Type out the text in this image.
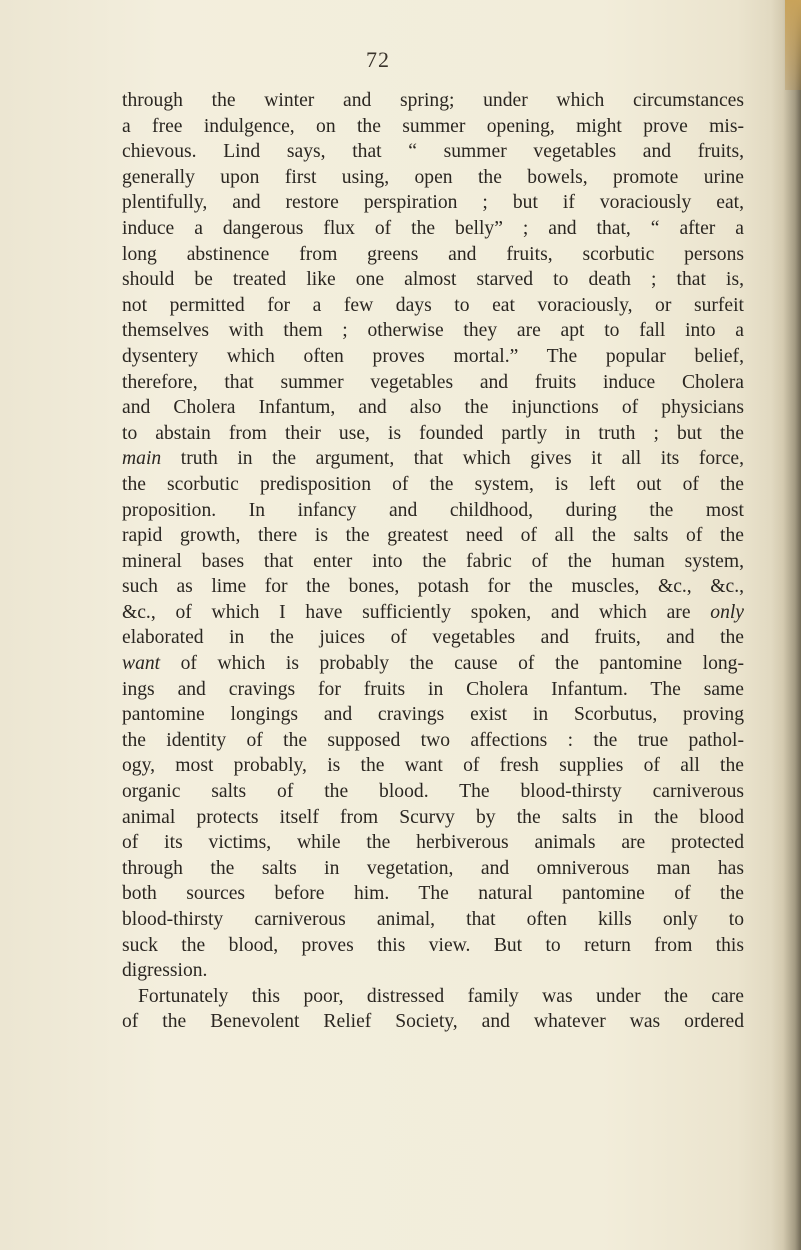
72
through the winter and spring; under which circumstances
a free indulgence, on the summer opening, might prove mis-
chievous. Lind says, that “ summer vegetables and fruits,
generally upon first using, open the bowels, promote urine
plentifully, and restore perspiration ; but if voraciously eat,
induce a dangerous flux of the belly” ; and that, “ after a
long abstinence from greens and fruits, scorbutic persons
should be treated like one almost starved to death ; that is,
not permitted for a few days to eat voraciously, or surfeit
themselves with them ; otherwise they are apt to fall into a
dysentery which often proves mortal.” The popular belief,
therefore, that summer vegetables and fruits induce Cholera
and Cholera Infantum, and also the injunctions of physicians
to abstain from their use, is founded partly in truth ; but the
main truth in the argument, that which gives it all its force,
the scorbutic predisposition of the system, is left out of the
proposition. In infancy and childhood, during the most
rapid growth, there is the greatest need of all the salts of the
mineral bases that enter into the fabric of the human system,
such as lime for the bones, potash for the muscles, &c., &c.,
&c., of which I have sufficiently spoken, and which are only
elaborated in the juices of vegetables and fruits, and the
want of which is probably the cause of the pantomine long-
ings and cravings for fruits in Cholera Infantum. The same
pantomine longings and cravings exist in Scorbutus, proving
the identity of the supposed two affections : the true pathol-
ogy, most probably, is the want of fresh supplies of all the
organic salts of the blood. The blood-thirsty carniverous
animal protects itself from Scurvy by the salts in the blood
of its victims, while the herbiverous animals are protected
through the salts in vegetation, and omniverous man has
both sources before him. The natural pantomine of the
blood-thirsty carniverous animal, that often kills only to
suck the blood, proves this view. But to return from this
digression.
Fortunately this poor, distressed family was under the care
of the Benevolent Relief Society, and whatever was ordered
